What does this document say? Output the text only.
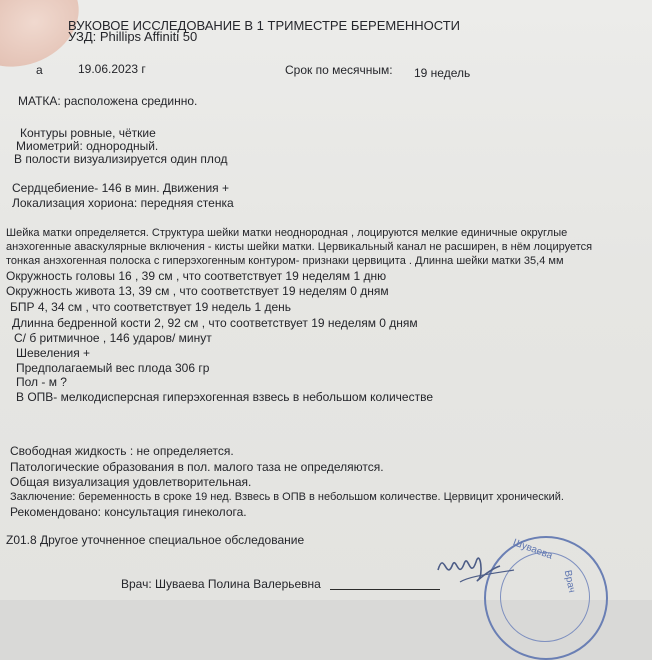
ВУКОВОЕ ИССЛЕДОВАНИЕ В 1 ТРИМЕСТРЕ БЕРЕМЕННОСТИ
УЗД: Phillips Affiniti 50
а	19.06.2023 г	Срок по месячным: 19 недель
МАТКА: расположена срединно.
Контуры ровные, чёткие
Миометрий: однородный.
В полости визуализируется один плод
Сердцебиение- 146 в мин. Движения +
Локализация хориона: передняя стенка
Шейка матки определяется. Структура шейки матки неоднородная , лоцируются мелкие единичные округлые
анэхогенные аваскулярные включения - кисты шейки матки. Цервикальный канал не расширен, в нём лоцируется
тонкая анэхогенная полоска с гиперэхогенным контуром- признаки цервицита . Длинна шейки матки 35,4 мм
Окружность головы 16 , 39 см , что соответствует 19 неделям 1 дню
Окружность живота 13, 39 см , что соответствует 19 неделям 0 дням
БПР 4, 34 см , что соответствует 19 недель 1 день
Длинна бедренной кости 2, 92 см , что соответствует 19 неделям 0 дням
С/ б ритмичное , 146 ударов/ минут
Шевеления +
Предполагаемый вес плода 306 гр
Пол - м ?
В ОПВ- мелкодисперсная гиперэхогенная взвесь в небольшом количестве
Свободная жидкость : не определяется.
Патологические образования в пол. малого таза не определяются.
Общая визуализация удовлетворительная.
Заключение: беременность в сроке 19 нед. Взвесь в ОПВ в небольшом количестве. Цервицит хронический.
Рекомендовано: консультация гинеколога.
Z01.8 Другое уточненное специальное обследование
Врач: Шуваева Полина Валерьевна
Шуваева
Врач
